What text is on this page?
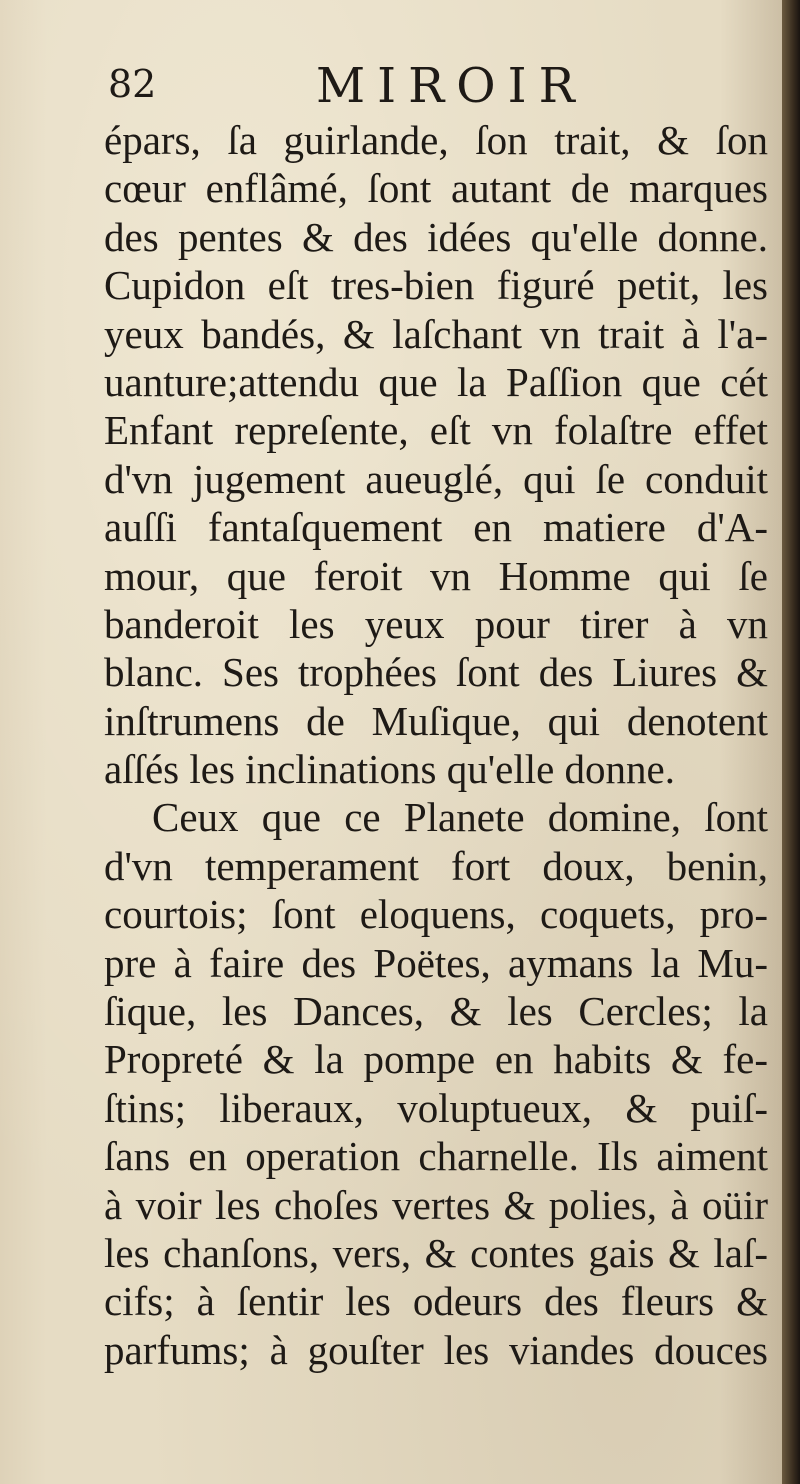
82	MIROIR
épars, ſa guirlande, ſon trait, & ſon
cœur enflâmé, ſont autant de marques
des pentes & des idées qu'elle donne.
Cupidon eſt tres-bien figuré petit, les
yeux bandés, & laſchant vn trait à l'a-
uanture;attendu que la Paſſion que cét
Enfant repreſente, eſt vn folaſtre effet
d'vn jugement aueuglé, qui ſe conduit
auſſi fantaſquement en matiere d'A-
mour, que feroit vn Homme qui ſe
banderoit les yeux pour tirer à vn
blanc. Ses trophées ſont des Liures &
inſtrumens de Muſique, qui denotent
aſſés les inclinations qu'elle donne.
Ceux que ce Planete domine, ſont
d'vn temperament fort doux, benin,
courtois; ſont eloquens, coquets, pro-
pre à faire des Poëtes, aymans la Mu-
ſique, les Dances, & les Cercles; la
Propreté & la pompe en habits & fe-
ſtins; liberaux, voluptueux, & puiſ-
ſans en operation charnelle. Ils aiment
à voir les choſes vertes & polies, à oüir
les chanſons, vers, & contes gais & laſ-
cifs; à ſentir les odeurs des fleurs &
parfums; à gouſter les viandes douces
